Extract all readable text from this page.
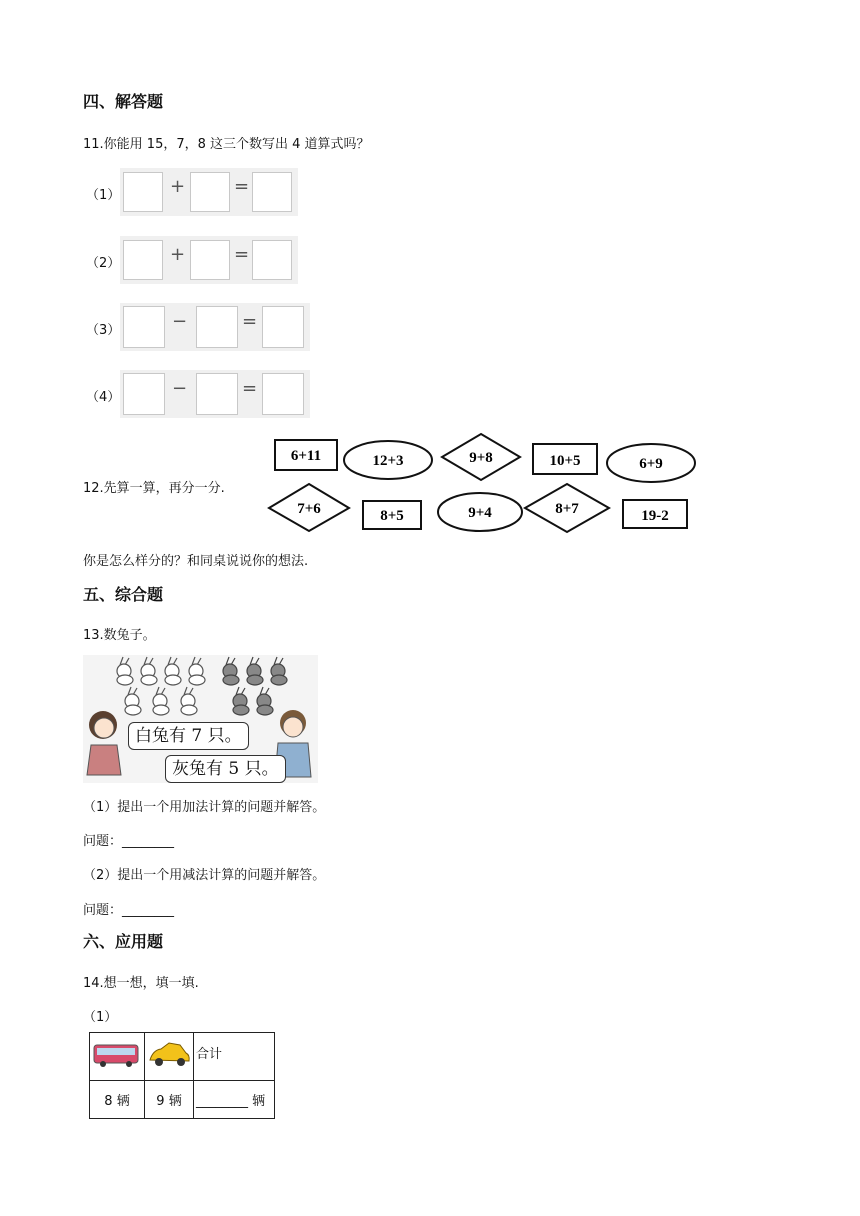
四、解答题
11.你能用 15，7，8 这三个数写出 4 道算式吗？
（1）	+	=
（2）	+	=
（3）	−	=
（4）	−	=
12.先算一算，再分一分.
6+11	12+3	9+8	10+5	6+9
7+6	8+5	9+4	8+7	19-2
你是怎么样分的？和同桌说说你的想法.
五、综合题
13.数兔子。
白兔有 7 只。
灰兔有 5 只。
（1）提出一个用加法计算的问题并解答。
问题：________
（2）提出一个用减法计算的问题并解答。
问题：________
六、应用题
14.想一想，填一填.
（1）
		合计
8 辆	9 辆	________ 辆
